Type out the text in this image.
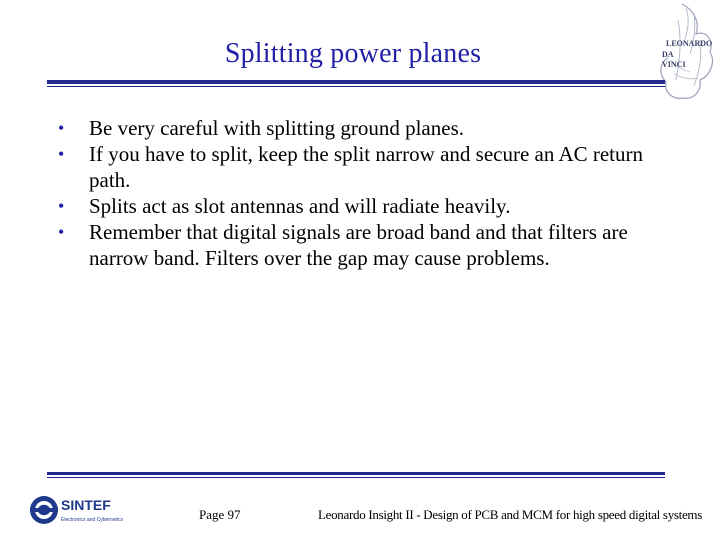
Splitting power planes	LEONARDO
DA
VINCI
• Be very careful with splitting ground planes.
• If you have to split, keep the split narrow and secure an AC return path.
• Splits act as slot antennas and will radiate heavily.
• Remember that digital signals are broad band and that filters are narrow band. Filters over the gap may cause problems.
SINTEF
Electronics and Cybernetics	Page 97	Leonardo Insight II - Design of PCB and MCM for high speed digital systems
